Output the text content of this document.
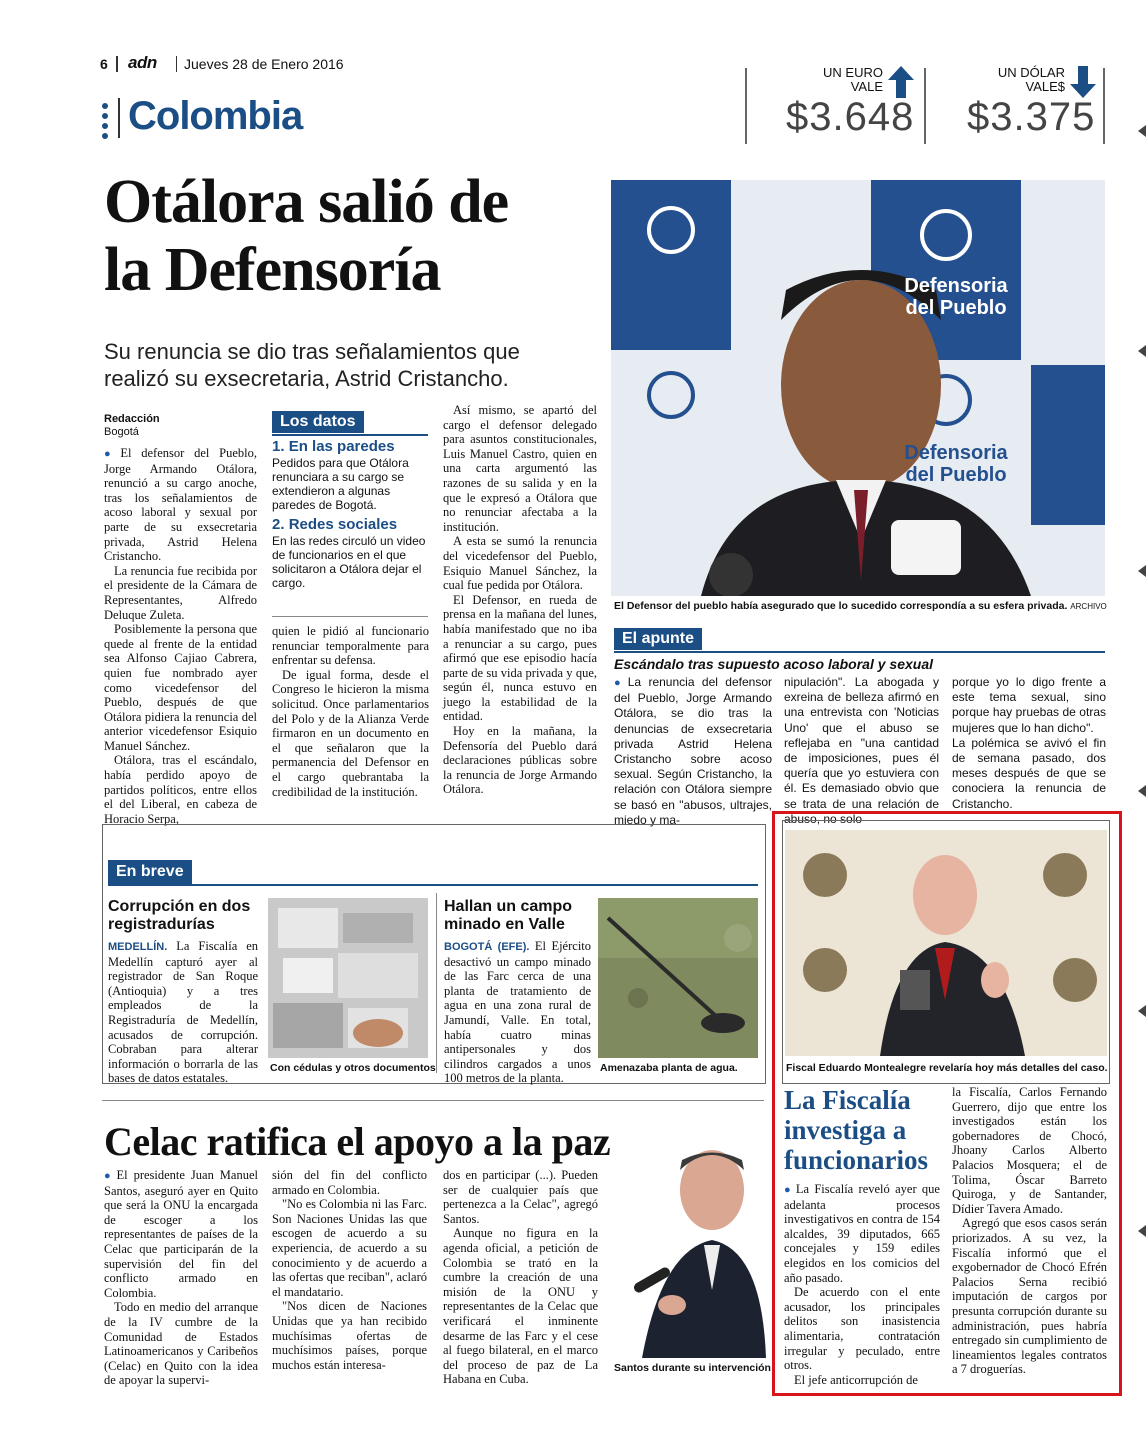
6 adn Jueves 28 de Enero 2016
Colombia
UN EURO
VALE
$3.648
UN DÓLAR
VALE$
$3.375
Otálora salió de
la Defensoría
Su renuncia se dio tras señalamientos que
realizó su exsecretaria, Astrid Cristancho.
Defensoria
del Pueblo
Defensoria
del Pueblo
El Defensor del pueblo había asegurado que lo sucedido correspondía a su esfera privada. ARCHIVO
Redacción
Bogotá

● El defensor del Pueblo, Jorge Armando Otálora, renunció a su cargo anoche, tras los señalamientos de acoso laboral y sexual por parte de su exsecretaria privada, Astrid Helena Cristancho.

La renuncia fue recibida por el presidente de la Cámara de Representantes, Alfredo Deluque Zuleta.

Posiblemente la persona que quede al frente de la entidad sea Alfonso Cajiao Cabrera, quien fue nombrado ayer como vicedefensor del Pueblo, después de que Otálora pidiera la renuncia del anterior vicedefensor Esiquio Manuel Sánchez.

Otálora, tras el escándalo, había perdido apoyo de partidos políticos, entre ellos el del Liberal, en cabeza de Horacio Serpa,

Los datos
1. En las paredes
Pedidos para que Otálora renunciara a su cargo se extendieron a algunas paredes de Bogotá.
2. Redes sociales
En las redes circuló un video de funcionarios en el que solicitaron a Otálora dejar el cargo.

quien le pidió al funcionario renunciar temporalmente para enfrentar su defensa.

De igual forma, desde el Congreso le hicieron la misma solicitud. Once parlamentarios del Polo y de la Alianza Verde firmaron en un documento en el que señalaron que la permanencia del Defensor en el cargo quebrantaba la credibilidad de la institución.

Así mismo, se apartó del cargo el defensor delegado para asuntos constitucionales, Luis Manuel Castro, quien en una carta argumentó las razones de su salida y en la que le expresó a Otálora que no renunciar afectaba a la institución.

A esta se sumó la renuncia del vicedefensor del Pueblo, Esiquio Manuel Sánchez, la cual fue pedida por Otálora.

El Defensor, en rueda de prensa en la mañana del lunes, había manifestado que no iba a renunciar a su cargo, pues afirmó que ese episodio hacía parte de su vida privada y que, según él, nunca estuvo en juego la estabilidad de la entidad.

Hoy en la mañana, la Defensoría del Pueblo dará declaraciones públicas sobre la renuncia de Jorge Armando Otálora.

El apunte
Escándalo tras supuesto acoso laboral y sexual
● La renuncia del defensor del Pueblo, Jorge Armando Otálora, se dio tras la denuncias de exsecretaria privada Astrid Helena Cristancho sobre acoso sexual. Según Cristancho, la relación con Otálora siempre se basó en "abusos, ultrajes, miedo y ma-
nipulación". La abogada y exreina de belleza afirmó en una entrevista con 'Noticias Uno' que el abuso se reflejaba en "una cantidad de imposiciones, pues él quería que yo estuviera con él. Es demasiado obvio que se trata de una relación de abuso, no solo
porque yo lo digo frente a este tema sexual, sino porque hay pruebas de otras mujeres que lo han dicho".
La polémica se avivó el fin de semana pasado, dos meses después de que se conociera la renuncia de Cristancho.
En breve
Corrupción en dos
registradurías

MEDELLÍN. La Fiscalía en Medellín capturó ayer al registrador de San Roque (Antioquia) y a tres empleados de la Registraduría de Medellín, acusados de corrupción. Cobraban para alterar información o borrarla de las bases de datos estatales.

Con cédulas y otros documentos
Hallan un campo
minado en Valle

BOGOTÁ (EFE). El Ejército desactivó un campo minado de las Farc cerca de una planta de tratamiento de agua en una zona rural de Jamundí, Valle. En total, había cuatro minas antipersonales y dos cilindros cargados a unos 100 metros de la planta.

Amenazaba planta de agua.	Fiscal Eduardo Montealegre revelaría hoy más detalles del caso.
La Fiscalía
investiga a
funcionarios

● La Fiscalía reveló ayer que adelanta procesos investigativos en contra de 154 alcaldes, 39 diputados, 665 concejales y 159 ediles elegidos en los comicios del año pasado.

De acuerdo con el ente acusador, los principales delitos son inasistencia alimentaria, contratación irregular y peculado, entre otros.

El jefe anticorrupción de

la Fiscalía, Carlos Fernando Guerrero, dijo que entre los investigados están los gobernadores de Chocó, Jhoany Carlos Alberto Palacios Mosquera; el de Tolima, Óscar Barreto Quiroga, y de Santander, Dídier Tavera Amado.

Agregó que esos casos serán priorizados. A su vez, la Fiscalía informó que el exgobernador de Chocó Efrén Palacios Serna recibió imputación de cargos por presunta corrupción durante su administración, pues habría entregado sin cumplimiento de lineamientos legales contratos a 7 droguerías.

Celac ratifica el apoyo a la paz

● El presidente Juan Manuel Santos, aseguró ayer en Quito que será la ONU la encargada de escoger a los representantes de países de la Celac que participarán de la supervisión del fin del conflicto armado en Colombia.

Todo en medio del arranque de la IV cumbre de la Comunidad de Estados Latinoamericanos y Caribeños (Celac) en Quito con la idea de apoyar la supervi-

sión del fin del conflicto armado en Colombia.

"No es Colombia ni las Farc. Son Naciones Unidas las que escogen de acuerdo a su experiencia, de acuerdo a su conocimiento y de acuerdo a las ofertas que reciban", aclaró el mandatario.

"Nos dicen de Naciones Unidas que ya han recibido muchísimas ofertas de muchísimos países, porque muchos están interesa-

dos en participar (...). Pueden ser de cualquier país que pertenezca a la Celac", agregó Santos.

Aunque no figura en la agenda oficial, a petición de Colombia se trató en la cumbre la creación de una misión de la ONU y representantes de la Celac que verificará el inminente desarme de las Farc y el cese al fuego bilateral, en el marco del proceso de paz de La Habana en Cuba.

Santos durante su intervención
